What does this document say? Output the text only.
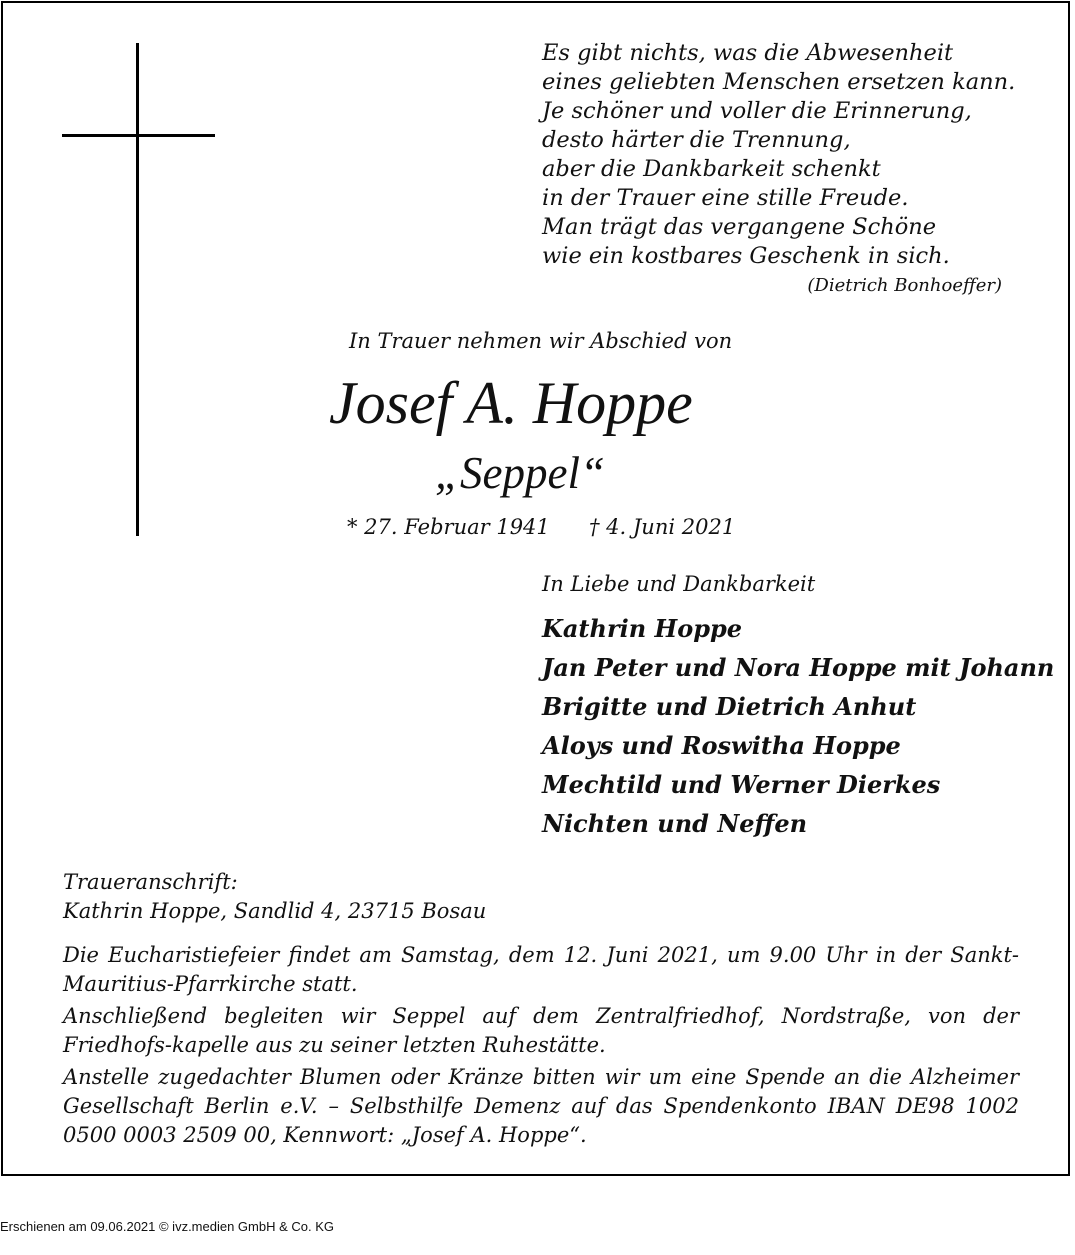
Es gibt nichts, was die Abwesenheit
eines geliebten Menschen ersetzen kann.
Je schöner und voller die Erinnerung,
desto härter die Trennung,
aber die Dankbarkeit schenkt
in der Trauer eine stille Freude.
Man trägt das vergangene Schöne
wie ein kostbares Geschenk in sich.
(Dietrich Bonhoeffer)
In Trauer nehmen wir Abschied von
Josef A. Hoppe
„Seppel“
* 27. Februar 1941 † 4. Juni 2021
In Liebe und Dankbarkeit
Kathrin Hoppe
Jan Peter und Nora Hoppe mit Johann
Brigitte und Dietrich Anhut
Aloys und Roswitha Hoppe
Mechtild und Werner Dierkes
Nichten und Neffen
Traueranschrift:
Kathrin Hoppe, Sandlid 4, 23715 Bosau

Die Eucharistiefeier findet am Samstag, dem 12. Juni 2021, um 9.00 Uhr in der Sankt-Mauritius-Pfarrkirche statt.

Anschließend begleiten wir Seppel auf dem Zentralfriedhof, Nordstraße, von der Friedhofs-kapelle aus zu seiner letzten Ruhestätte.

Anstelle zugedachter Blumen oder Kränze bitten wir um eine Spende an die Alzheimer Gesellschaft Berlin e.V. – Selbsthilfe Demenz auf das Spendenkonto IBAN DE98 1002 0500 0003 2509 00, Kennwort: „Josef A. Hoppe“.

Erschienen am 09.06.2021 © ivz.medien GmbH & Co. KG
